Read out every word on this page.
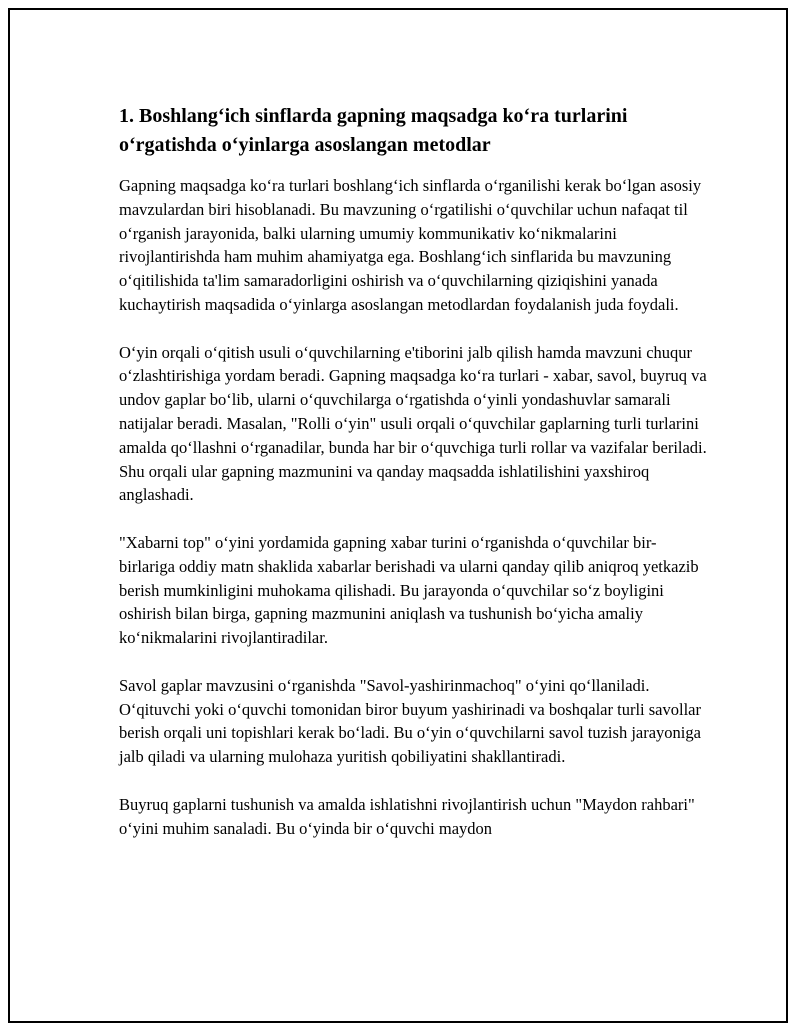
1. Boshlang‘ich sinflarda gapning maqsadga ko‘ra turlarini o‘rgatishda o‘yinlarga asoslangan metodlar

Gapning maqsadga ko‘ra turlari boshlang‘ich sinflarda o‘rganilishi kerak bo‘lgan asosiy mavzulardan biri hisoblanadi. Bu mavzuning o‘rgatilishi o‘quvchilar uchun nafaqat til o‘rganish jarayonida, balki ularning umumiy kommunikativ ko‘nikmalarini rivojlantirishda ham muhim ahamiyatga ega. Boshlang‘ich sinflarida bu mavzuning o‘qitilishida ta'lim samaradorligini oshirish va o‘quvchilarning qiziqishini yanada kuchaytirish maqsadida o‘yinlarga asoslangan metodlardan foydalanish juda foydali.

O‘yin orqali o‘qitish usuli o‘quvchilarning e'tiborini jalb qilish hamda mavzuni chuqur o‘zlashtirishiga yordam beradi. Gapning maqsadga ko‘ra turlari - xabar, savol, buyruq va undov gaplar bo‘lib, ularni o‘quvchilarga o‘rgatishda o‘yinli yondashuvlar samarali natijalar beradi. Masalan, "Rolli o‘yin" usuli orqali o‘quvchilar gaplarning turli turlarini amalda qo‘llashni o‘rganadilar, bunda har bir o‘quvchiga turli rollar va vazifalar beriladi. Shu orqali ular gapning mazmunini va qanday maqsadda ishlatilishini yaxshiroq anglashadi.

"Xabarni top" o‘yini yordamida gapning xabar turini o‘rganishda o‘quvchilar bir-birlariga oddiy matn shaklida xabarlar berishadi va ularni qanday qilib aniqroq yetkazib berish mumkinligini muhokama qilishadi. Bu jarayonda o‘quvchilar so‘z boyligini oshirish bilan birga, gapning mazmunini aniqlash va tushunish bo‘yicha amaliy ko‘nikmalarini rivojlantiradilar.

Savol gaplar mavzusini o‘rganishda "Savol-yashirinmachoq" o‘yini qo‘llaniladi. O‘qituvchi yoki o‘quvchi tomonidan biror buyum yashirinadi va boshqalar turli savollar berish orqali uni topishlari kerak bo‘ladi. Bu o‘yin o‘quvchilarni savol tuzish jarayoniga jalb qiladi va ularning mulohaza yuritish qobiliyatini shakllantiradi.

Buyruq gaplarni tushunish va amalda ishlatishni rivojlantirish uchun "Maydon rahbari" o‘yini muhim sanaladi. Bu o‘yinda bir o‘quvchi maydon
